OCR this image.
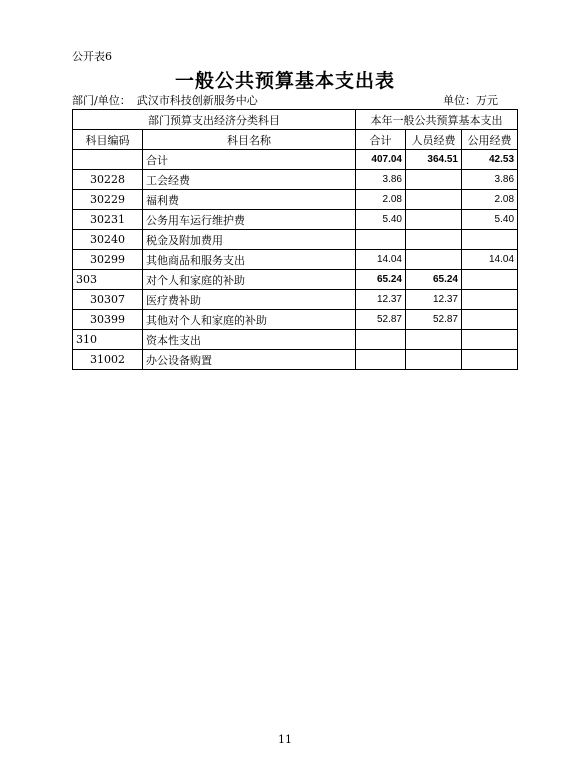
公开表6
一般公共预算基本支出表
部门/单位： 武汉市科技创新服务中心	单位：万元
部门预算支出经济分类科目		本年一般公共预算基本支出		
科目编码	科目名称	合计	人员经费	公用经费
	合计	407.04	364.51	42.53
30228	工会经费	3.86		3.86
30229	福利费	2.08		2.08
30231	公务用车运行维护费	5.40		5.40
30240	税金及附加费用			
30299	其他商品和服务支出	14.04		14.04
303	对个人和家庭的补助	65.24	65.24	
30307	医疗费补助	12.37	12.37	
30399	其他对个人和家庭的补助	52.87	52.87	
310	资本性支出			
31002	办公设备购置			
11
